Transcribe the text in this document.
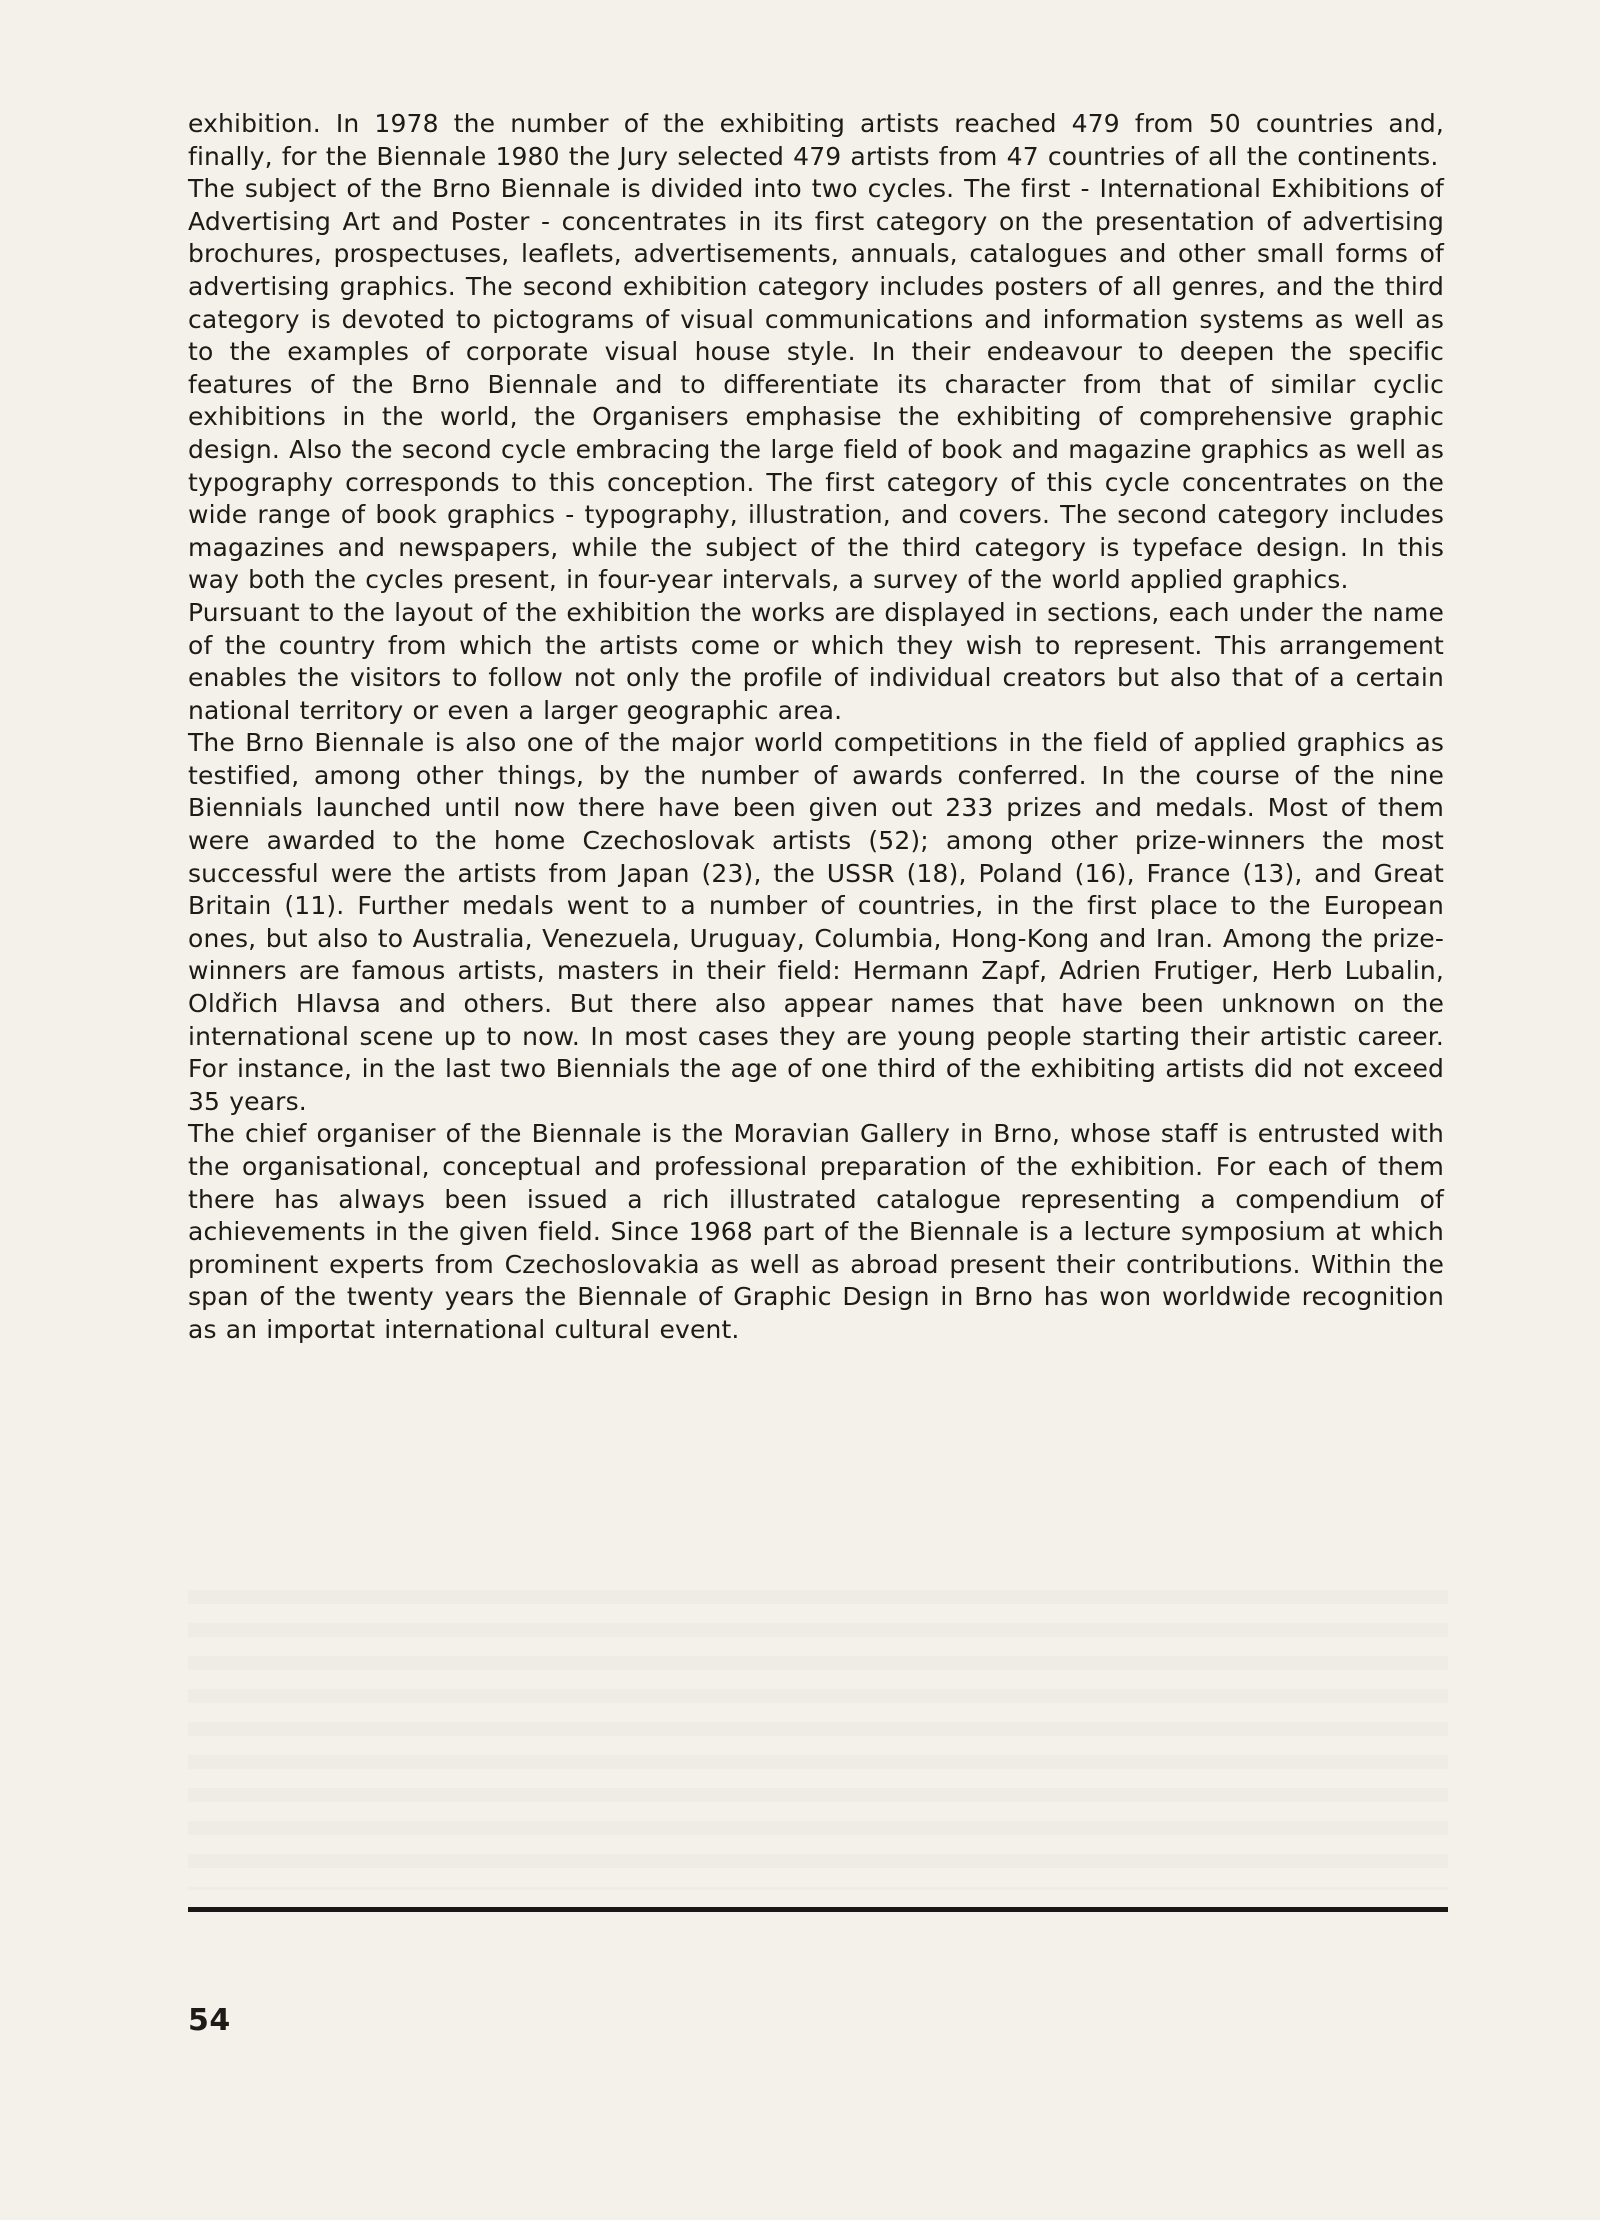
exhibition. In 1978 the number of the exhibiting artists reached 479 from 50 countries and, finally, for the Biennale 1980 the Jury selected 479 artists from 47 countries of all the continents.

The subject of the Brno Biennale is divided into two cycles. The first - International Exhibitions of Advertising Art and Poster - concentrates in its first category on the presentation of advertising brochures, prospectuses, leaflets, advertisements, annuals, catalogues and other small forms of advertising graphics. The second exhibition category includes posters of all genres, and the third category is devoted to pictograms of visual communications and information systems as well as to the examples of corporate visual house style. In their endeavour to deepen the specific features of the Brno Biennale and to differentiate its character from that of similar cyclic exhibitions in the world, the Organisers emphasise the exhibiting of comprehensive graphic design. Also the second cycle embracing the large field of book and magazine graphics as well as typography corresponds to this conception. The first category of this cycle concentrates on the wide range of book graphics - typography, illustration, and covers. The second category includes magazines and newspapers, while the subject of the third category is typeface design. In this way both the cycles present, in four-year intervals, a survey of the world applied graphics.

Pursuant to the layout of the exhibition the works are displayed in sections, each under the name of the country from which the artists come or which they wish to represent. This arrangement enables the visitors to follow not only the profile of individual creators but also that of a certain national territory or even a larger geographic area.

The Brno Biennale is also one of the major world competitions in the field of applied graphics as testified, among other things, by the number of awards conferred. In the course of the nine Biennials launched until now there have been given out 233 prizes and medals. Most of them were awarded to the home Czechoslovak artists (52); among other prize-winners the most successful were the artists from Japan (23), the USSR (18), Poland (16), France (13), and Great Britain (11). Further medals went to a number of countries, in the first place to the European ones, but also to Australia, Venezuela, Uruguay, Columbia, Hong-Kong and Iran. Among the prize-winners are famous artists, masters in their field: Hermann Zapf, Adrien Frutiger, Herb Lubalin, Oldřich Hlavsa and others. But there also appear names that have been unknown on the international scene up to now. In most cases they are young people starting their artistic career. For instance, in the last two Biennials the age of one third of the exhibiting artists did not exceed 35 years.

The chief organiser of the Biennale is the Moravian Gallery in Brno, whose staff is entrusted with the organisational, conceptual and professional preparation of the exhibition. For each of them there has always been issued a rich illustrated catalogue representing a compendium of achievements in the given field. Since 1968 part of the Biennale is a lecture symposium at which prominent experts from Czechoslovakia as well as abroad present their contributions. Within the span of the twenty years the Biennale of Graphic Design in Brno has won worldwide recognition as an importat international cultural event.

54
